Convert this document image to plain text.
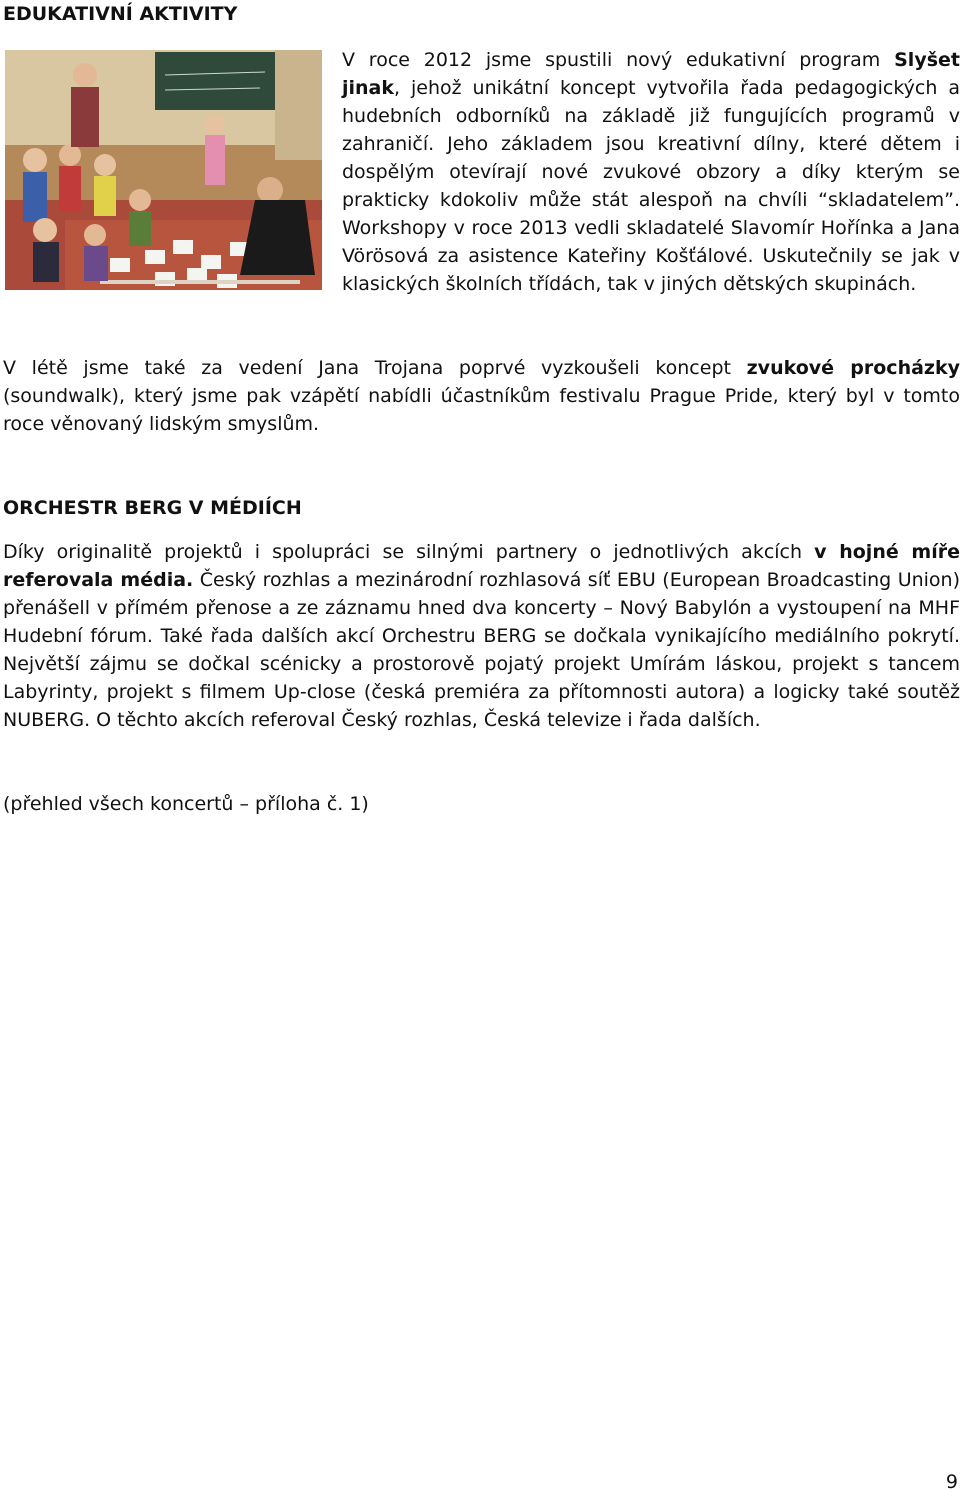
EDUKATIVNÍ AKTIVITY

V roce 2012 jsme spustili nový edukativní program Slyšet jinak, jehož unikátní koncept vytvořila řada pedagogických a hudebních odborníků na základě již fungujících programů v zahraničí. Jeho základem jsou kreativní dílny, které dětem i dospělým otevírají nové zvukové obzory a díky kterým se prakticky kdokoliv může stát alespoň na chvíli “skladatelem”. Workshopy v roce 2013 vedli skladatelé Slavomír Hořínka a Jana Vörösová za asistence Kateřiny Košťálové. Uskutečnily se jak v klasických školních třídách, tak v jiných dětských skupinách.

V létě jsme také za vedení Jana Trojana poprvé vyzkoušeli koncept zvukové procházky (soundwalk), který jsme pak vzápětí nabídli účastníkům festivalu Prague Pride, který byl v tomto roce věnovaný lidským smyslům.

ORCHESTR BERG V MÉDIÍCH

Díky originalitě projektů i spolupráci se silnými partnery o jednotlivých akcích v hojné míře referovala média. Český rozhlas a mezinárodní rozhlasová síť EBU (European Broadcasting Union) přenášell v přímém přenose a ze záznamu hned dva koncerty – Nový Babylón a vystoupení na MHF Hudební fórum. Také řada dalších akcí Orchestru BERG se dočkala vynikajícího mediálního pokrytí. Největší zájmu se dočkal scénicky a prostorově pojatý projekt Umírám láskou, projekt s tancem Labyrinty, projekt s filmem Up-close (česká premiéra za přítomnosti autora) a logicky také soutěž NUBERG. O těchto akcích referoval Český rozhlas, Česká televize i řada dalších.

(přehled všech koncertů – příloha č. 1)

9
